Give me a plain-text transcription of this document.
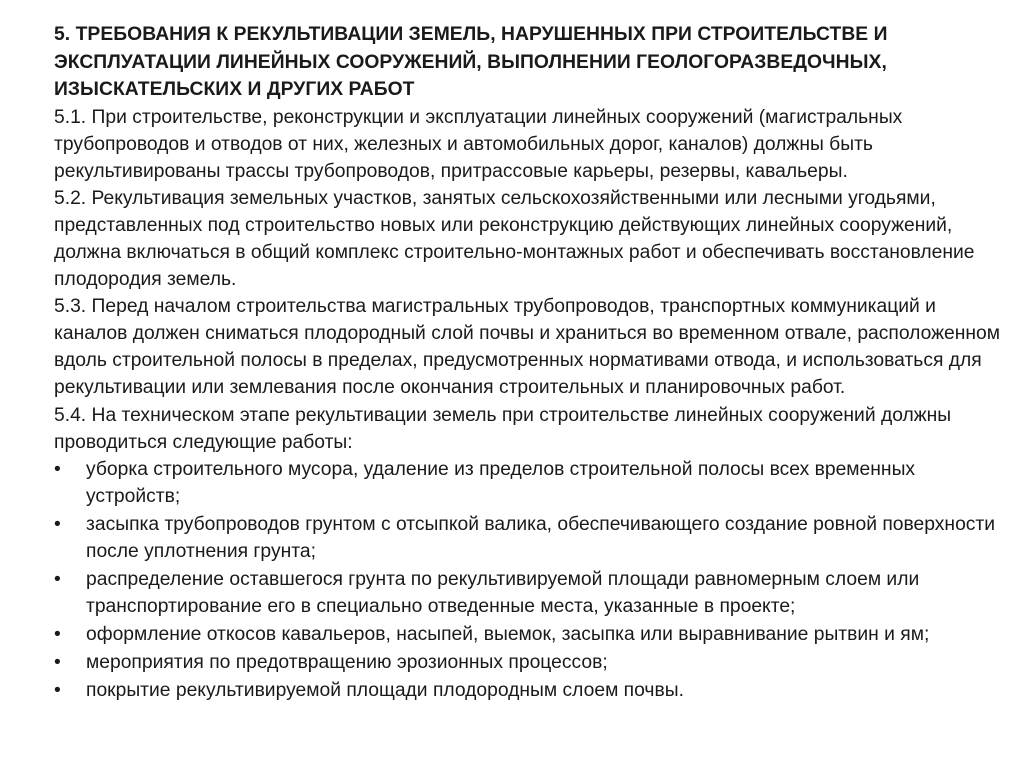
5. ТРЕБОВАНИЯ К РЕКУЛЬТИВАЦИИ ЗЕМЕЛЬ, НАРУШЕННЫХ ПРИ СТРОИТЕЛЬСТВЕ И ЭКСПЛУАТАЦИИ ЛИНЕЙНЫХ СООРУЖЕНИЙ, ВЫПОЛНЕНИИ ГЕОЛОГОРАЗВЕДОЧНЫХ, ИЗЫСКАТЕЛЬСКИХ И ДРУГИХ РАБОТ

5.1. При строительстве, реконструкции и эксплуатации линейных сооружений (магистральных трубопроводов и отводов от них, железных и автомобильных дорог, каналов) должны быть рекультивированы трассы трубопроводов, притрассовые карьеры, резервы, кавальеры.

5.2. Рекультивация земельных участков, занятых сельскохозяйственными или лесными угодьями, представленных под строительство новых или реконструкцию действующих линейных сооружений, должна включаться в общий комплекс строительно-монтажных работ и обеспечивать восстановление плодородия земель.

5.3. Перед началом строительства магистральных трубопроводов, транспортных коммуникаций и каналов должен сниматься плодородный слой почвы и храниться во временном отвале, расположенном вдоль строительной полосы в пределах, предусмотренных нормативами отвода, и использоваться для рекультивации или землевания после окончания строительных и планировочных работ.

5.4. На техническом этапе рекультивации земель при строительстве линейных сооружений должны проводиться следующие работы:

•	уборка строительного мусора, удаление из пределов строительной полосы всех временных устройств;
•	засыпка трубопроводов грунтом с отсыпкой валика, обеспечивающего создание ровной поверхности после уплотнения грунта;
•	распределение оставшегося грунта по рекультивируемой площади равномерным слоем или транспортирование его в специально отведенные места, указанные в проекте;
•	оформление откосов кавальеров, насыпей, выемок, засыпка или выравнивание рытвин и ям;
•	мероприятия по предотвращению эрозионных процессов;
•	покрытие рекультивируемой площади плодородным слоем почвы.
